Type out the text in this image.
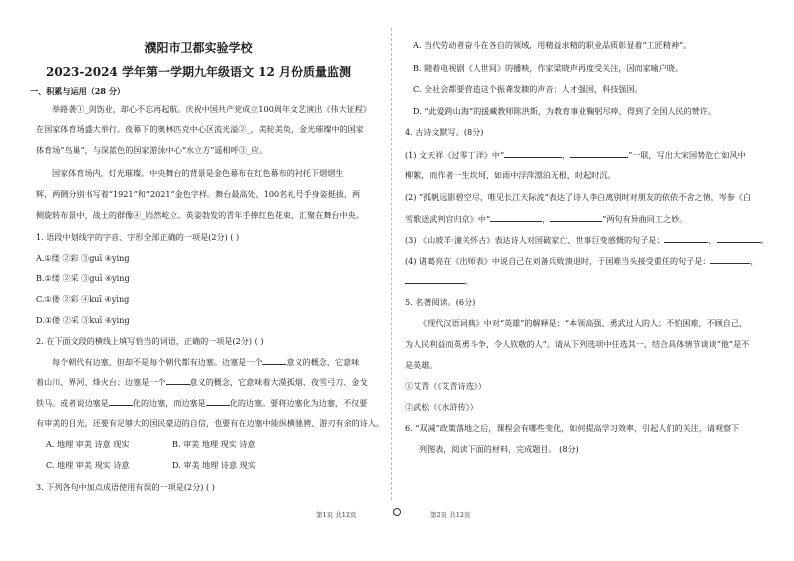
濮阳市卫都实验学校
2023-2024 学年第一学期九年级语文 12 月份质量监测
一、积累与运用（28 分）
举路袭①_剑饬业，却心不忘再起航。庆祝中国共产党成立100周年文艺演出《伟大征程》
在国家体育场盛大举行。夜幕下的奥林匹克中心区流光溢②_、美轮美奂，金光璀璨中的国家
体育场“鸟巢”，与深蓝色的国家游泳中心“水立方”遥相呼③_应。
国家体育场内，灯光璀璨。中央舞台的背景是金色幕布在红色幕布的衬托下熠熠生
辉，两侧分别书写着“1921”和“2021”金色字样。舞台最高处，100名礼号手身姿挺拔，两
侧旋转布景中，战士的群像④_岿然屹立。英姿勃发的青年手捧红色花束，汇聚在舞台中央。
1. 语段中划线字的字音、字形全部正确的一项是(2分) ( )
A.①缕 ②彩 ③guī ④ying
B.①缕 ②采 ③guī ④ying
C.①偻 ②彩 ④kuī ④yìng
D.①偻 ②采 ③kuī ④yìng
2. 在下面文段的横线上填写恰当的词语，正确的一项是(2分) ( )
每个朝代有边塞，但却不是每个朝代都有边塞。边塞是一个	意义的概念，它意味
着山川、界河、烽火台；边塞是一个	意义的概念，它意味着大漠孤烟、夜雪弓刀、金戈
铁马。或者说边塞是	化的边塞，而边塞是	化的边塞。要将边塞化为边塞，不仅要
有审美的目光，还要有足够大的国民豪迈的自信，也要有在边塞中能纵横驰骋、游刃有余的诗人。
A. 地理 审美 诗意 现实	B. 审美 地理 现实 诗意
C. 地理 审美 现实 诗意	D. 审美 地理 诗意 现实
3. 下列各句中加点成语使用有误的一项是(2分) ( )
第1页 共12页
A. 当代劳动者奋斗在各自的领域，用精益求精的职业品质彰显着“工匠精神”。
B. 随着电视剧《人世间》的播映，作家梁晓声再度受关注，因而家喻户晓。
C. 全社会都要营造这个振聋发聩的声音：人才强国，科技强国。
D. “此爱跨山海”的援藏教师陈洪斯，为教育事业鞠躬尽瘁，得到了全国人民的赞许。
4. 古诗文默写。(8分)
(1) 文天祥《过零丁洋》中“	，	”一联，写出大宋国势危亡如风中
柳絮，而作者一生坎坷，如雨中浮萍漂泊无根，时起时沉。
(2) “孤帆远影碧空尽，唯见长江天际流”表达了诗人李白离别时对朋友的依依不舍之情，岑参《白
雪歌送武判官归京》中“	，	”两句有异曲同工之妙。
(3) 《山坡羊·潼关怀古》表达诗人对国破家亡、世事巨变感慨的句子是：	，	。
(4) 诸葛亮在《出师表》中说自己在刘备兵败溃退时，于国难当头接受重任的句子是：	，
。
5. 名著阅读。(6分)
《现代汉语词典》中对“英雄”的解释是：“本领高强、勇武过人的人；不怕困难，不顾自己，
为人民利益而英勇斗争，令人钦敬的人”。请从下列选项中任选其一，结合具体情节谈谈“他”是不
是英雄。
①艾青（《艾青诗选》）
②武松（《水浒传》）
6. “双减”政策落地之后，课程会有哪些变化，如何提高学习效率，引起人们的关注，请观察下
列图表，阅读下面的材料，完成题目。 (8分)
第2页 共12页
